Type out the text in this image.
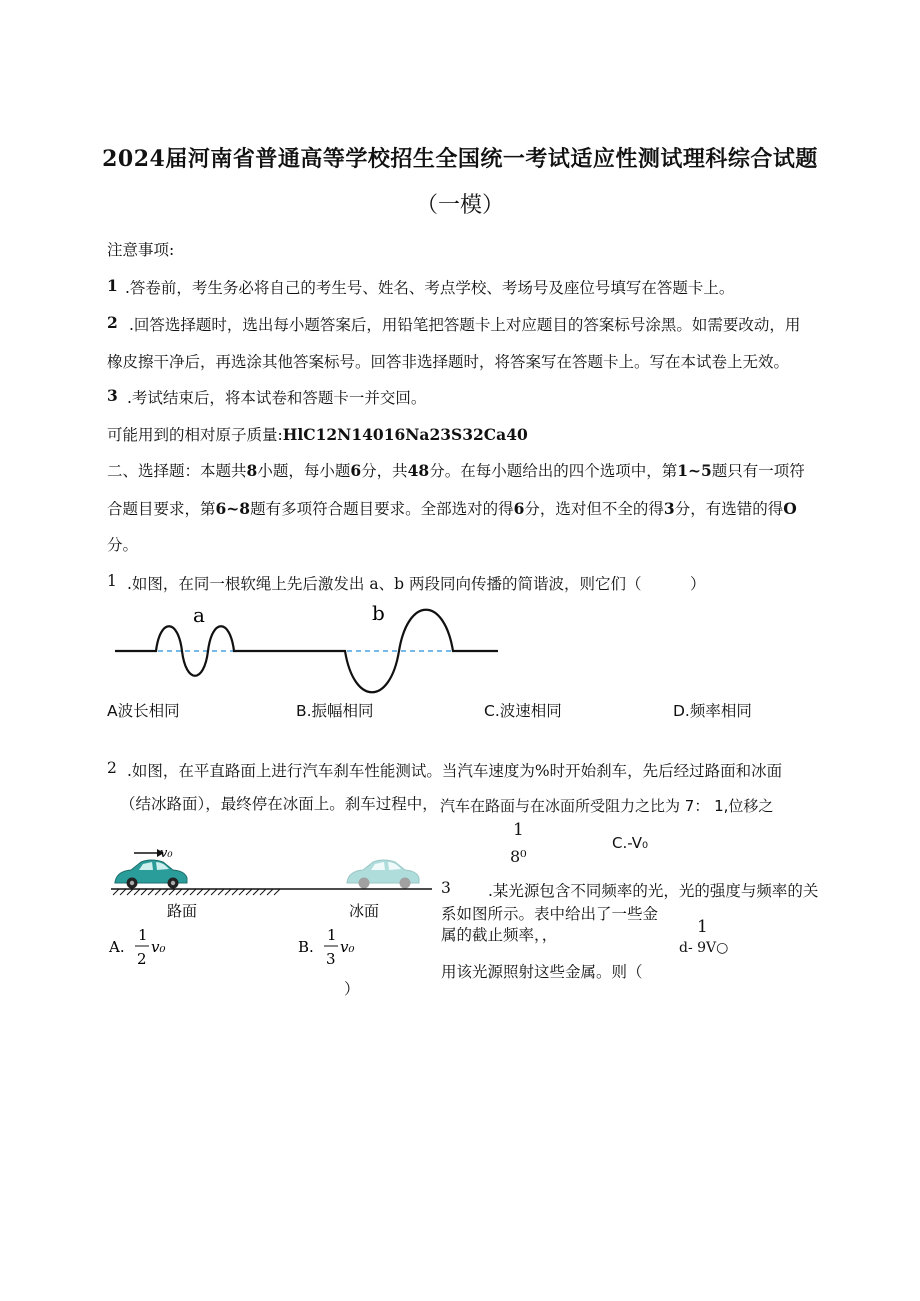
2024届河南省普通高等学校招生全国统一考试适应性测试理科综合试题
（一模）
注意事项:
1 .答卷前，考生务必将自己的考生号、姓名、考点学校、考场号及座位号填写在答题卡上。
2 .回答选择题时，选出每小题答案后，用铅笔把答题卡上对应题目的答案标号涂黑。如需要改动，用
橡皮擦干净后，再选涂其他答案标号。回答非选择题时，将答案写在答题卡上。写在本试卷上无效。
3 .考试结束后，将本试卷和答题卡一并交回。
可能用到的相对原子质量:HlC12N14016Na23S32Ca40
二、选择题：本题共8小题，每小题6分，共48分。在每小题给出的四个选项中，第1~5题只有一项符
合题目要求，第6~8题有多项符合题目要求。全部选对的得6分，选对但不全的得3分，有选错的得O
分。
1 .如图，在同一根软绳上先后激发出 a、b 两段同向传播的简谐波，则它们（	）
a	b
A波长相同	B.振幅相同	C.波速相同	D.频率相同
2 .如图，在平直路面上进行汽车刹车性能测试。当汽车速度为%时开始刹车，先后经过路面和冰面
（结冰路面），最终停在冰面上。刹车过程中， 汽车在路面与在冰面所受阻力之比为 7： 1,位移之
1
8⁰
C.-V₀
v₀
路面	冰面
A.
1
2
v₀	B.
1
3
v₀
）
3 .某光源包含不同频率的光，光的强度与频率的关
系如图所示。表中给出了一些金
属的截止频率，，	1
d- 9V○
用该光源照射这些金属。则（
